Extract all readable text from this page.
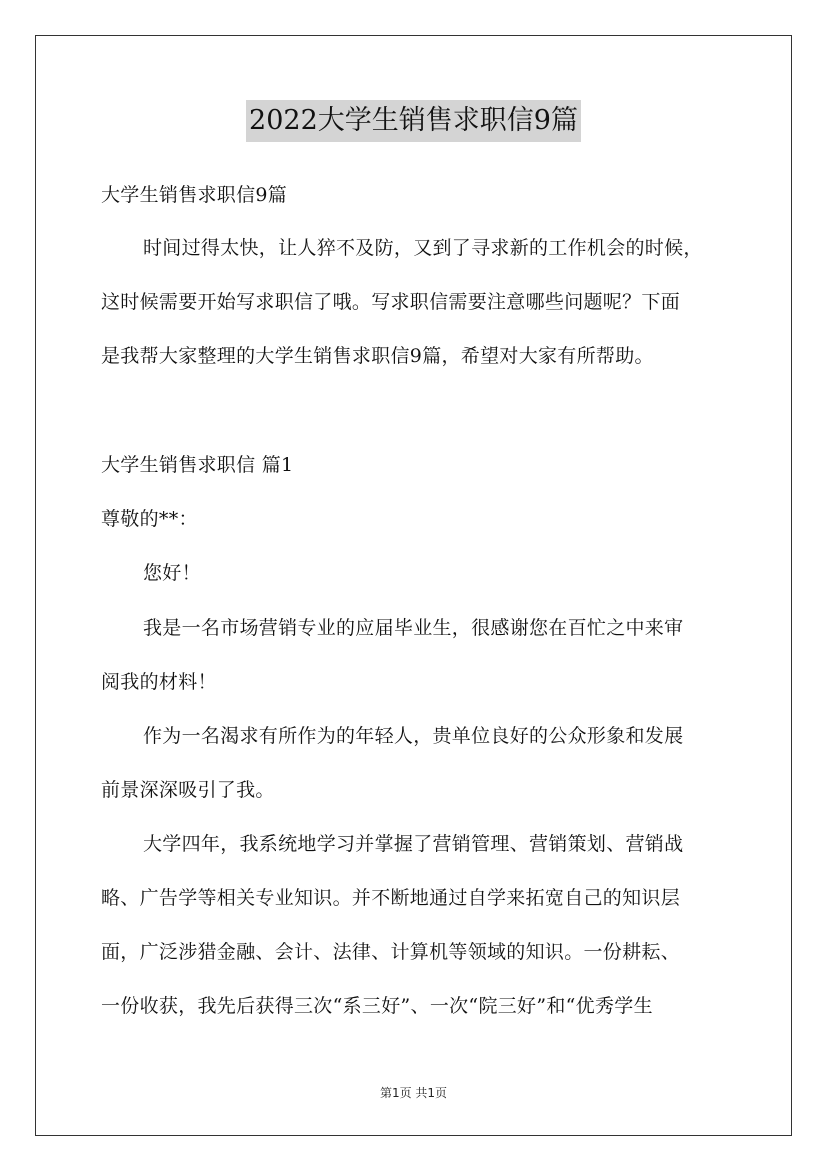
2022大学生销售求职信9篇
大学生销售求职信9篇
时间过得太快，让人猝不及防，又到了寻求新的工作机会的时候，
这时候需要开始写求职信了哦。写求职信需要注意哪些问题呢？下面
是我帮大家整理的大学生销售求职信9篇，希望对大家有所帮助。
大学生销售求职信 篇1
尊敬的**：
您好！
我是一名市场营销专业的应届毕业生，很感谢您在百忙之中来审
阅我的材料！
作为一名渴求有所作为的年轻人，贵单位良好的公众形象和发展
前景深深吸引了我。
大学四年，我系统地学习并掌握了营销管理、营销策划、营销战
略、广告学等相关专业知识。并不断地通过自学来拓宽自己的知识层
面，广泛涉猎金融、会计、法律、计算机等领域的知识。一份耕耘、
一份收获，我先后获得三次“系三好”、一次“院三好”和“优秀学生
第1页 共1页
